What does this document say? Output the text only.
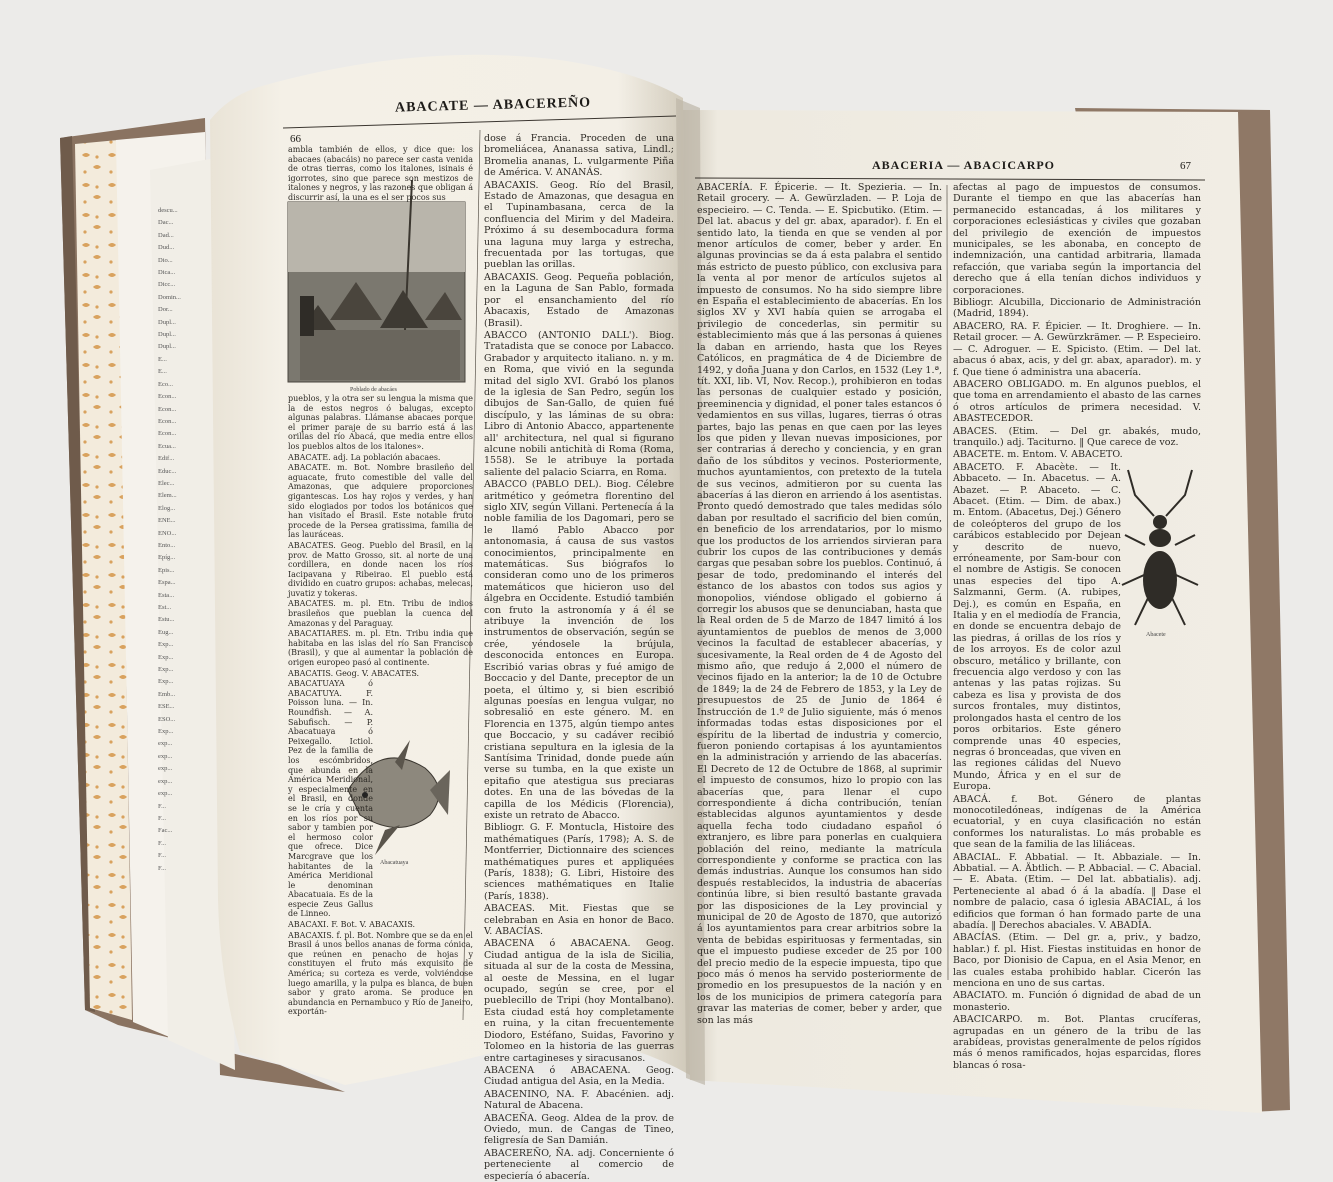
ABACATE — ABACEREÑO
66

ambla también de ellos, y dice que: los abacaes (abacáis) no parece ser casta venida de otras tierras, como los italones, isinais é igorrotes, sino que parece son mestizos de italones y negros, y las razones que obligan á discurrir así, la una es el ser pocos sus

pueblos, y la otra ser su lengua la misma que la de estos negros ó balugas, excepto algunas palabras. Llámanse abacaes porque el primer paraje de su barrio está á las orillas del río Abacá, que media entre ellos los pueblos altos de los italones».

ABACATE. adj. La población abacaes.

ABACATE. m. Bot. Nombre brasileño del aguacate, fruto comestible del valle del Amazonas, que adquiere proporciones gigantescas. Los hay rojos y verdes, y han sido elogiados por todos los botánicos que han visitado el Brasil. Este notable fruto procede de la Persea gratissima, familia de las lauráceas.

ABACATES. Geog. Pueblo del Brasil, en la prov. de Matto Grosso, sit. al norte de una cordillera, en donde nacen los ríos Iacipavana y Ribeirao. El pueblo está dividido en cuatro grupos: achabas, melecas, juvatiz y tokeras.

ABACATES. m. pl. Etn. Tribu de indios brasileños que pueblan la cuenca del Amazonas y del Paraguay.

ABACATIARES. m. pl. Etn. Tribu india que habitaba en las islas del río San Francisco (Brasil), y que al aumentar la población de origen europeo pasó al continente.

ABACATIS. Geog. V. ABACATES.

ABACATUAYA ó ABACATUYA. F. Poisson luna. — In. Roundfish. — A. Sabufisch. — P. Abacatuaya ó Peixegallo. Ictiol. Pez de la familia de los escómbridos, que abunda en la América Meridional, y especialmente en el Brasil, en donde se le cría y cuenta en los ríos por su sabor y tambien por el hermoso color que ofrece. Dice Marcgrave que los habitantes de la América Meridional le denominan Abacatuaia. Es de la especie Zeus Gallus de Linneo.

ABACAXI. F. Bot. V. ABACAXIS.

ABACAXIS. f. pl. Bot. Nombre que se da en el Brasil á unos bellos ananas de forma cónica, que reúnen en penacho de hojas y constituyen el fruto más exquisito de América; su corteza es verde, volviéndose luego amarilla, y la pulpa es blanca, de buen sabor y grato aroma. Se produce en abundancia en Pernambuco y Río de Janeiro, exportán-

Poblado de abacáes
Abacatuaya

dose á Francia. Proceden de una bromeliácea, Ananassa sativa, Lindl.; Bromelia ananas, L. vulgarmente Piña de América. V. ANANÁS.

ABACAXIS. Geog. Río del Brasil, Estado de Amazonas, que desagua en el Tupinambasana, cerca de la confluencia del Mirim y del Madeira. Próximo á su desembocadura forma una laguna muy larga y estrecha, frecuentada por las tortugas, que pueblan las orillas.

ABACAXIS. Geog. Pequeña población, en la Laguna de San Pablo, formada por el ensanchamiento del río Abacaxis, Estado de Amazonas (Brasil).

ABACCO (ANTONIO DALL'). Biog. Tratadista que se conoce por Labacco. Grabador y arquitecto italiano. n. y m. en Roma, que vivió en la segunda mitad del siglo XVI. Grabó los planos de la iglesia de San Pedro, según los dibujos de San-Gallo, de quien fué discípulo, y las láminas de su obra: Libro di Antonio Abacco, appartenente all' architectura, nel qual si figurano alcune nobili antichità di Roma (Roma, 1558). Se le atribuye la portada saliente del palacio Sciarra, en Roma.

ABACCO (PABLO DEL). Biog. Célebre aritmético y geómetra florentino del siglo XIV, según Villani. Pertenecía á la noble familia de los Dagomari, pero se le llamó Pablo Abacco por antonomasia, á causa de sus vastos conocimientos, principalmente en matemáticas. Sus biógrafos lo consideran como uno de los primeros matemáticos que hicieron uso del álgebra en Occidente. Estudió también con fruto la astronomía y á él se atribuye la invención de los instrumentos de observación, según se crée, yéndosele la brújula, desconocida entonces en Europa. Escribió varias obras y fué amigo de Boccacio y del Dante, preceptor de un poeta, el último y, si bien escribió algunas poesías en lengua vulgar, no sobresalió en este género. M. en Florencia en 1375, algún tiempo antes que Boccacio, y su cadáver recibió cristiana sepultura en la iglesia de la Santísima Trinidad, donde puede aún verse su tumba, en la que existe un epitafio que atestigua sus preciaras dotes. En una de las bóvedas de la capilla de los Médicis (Florencia), existe un retrato de Abacco.

Bibliogr. G. F. Montucla, Histoire des mathématiques (París, 1798); A. S. de Montferrier, Dictionnaire des sciences mathématiques pures et appliquées (París, 1838); G. Libri, Histoire des sciences mathématiques en Italie (París, 1838).

ABACEAS. Mit. Fiestas que se celebraban en Asia en honor de Baco. V. ABACÍAS.

ABACENA ó ABACAENA. Geog. Ciudad antigua de la isla de Sicilia, situada al sur de la costa de Messina, al oeste de Messina, en el lugar ocupado, según se cree, por el pueblecillo de Tripi (hoy Montalbano). Esta ciudad está hoy completamente en ruina, y la citan frecuentemente Diodoro, Estéfano, Suidas, Favorino y Tolomeo en la historia de las guerras entre cartagineses y siracusanos.

ABACENA ó ABACAENA. Geog. Ciudad antigua del Asia, en la Media.

ABACENINO, NA. F. Abacénien. adj. Natural de Abacena.

ABACEÑA. Geog. Aldea de la prov. de Oviedo, mun. de Cangas de Tineo, feligresía de San Damián.

ABACEREÑO, ÑA. adj. Concerniente ó perteneciente al comercio de especiería ó abacería.

descu...
Dac...
Dad...
Dud...
Dio...
Dica...
Dicc...
Domin...
Dor...
Dupl...
Dupl...
Dupl...
E...
E...
Eco...
Econ...
Econ...
Econ...
Econ...
Ecua...
Edif...
Educ...
Elec...
Elem...
Elog...
ENE...
ENO...
Ento...
Epíg...
Epis...
Espa...
Esta...
Est...
Estu...
Eug...
Exp...
Exp...
Exp...
Exp...
Emb...
ESE...
ESO...
Exp...
exp...
exp...
exp...
exp...
exp...
F...
F...
Fac...
F...
F...
F...
ABACERIA — ABACICARPO	67

ABACERÍA. F. Épicerie. — It. Spezieria. — In. Retail grocery. — A. Gewürzladen. — P. Loja de especieiro. — C. Tenda. — E. Spicbutiko. (Etim. — Del lat. abacus y del gr. abax, aparador). f. En el sentido lato, la tienda en que se venden al por menor artículos de comer, beber y arder. En algunas provincias se da á esta palabra el sentido más estricto de puesto público, con exclusiva para la venta al por menor de artículos sujetos al impuesto de consumos. No ha sido siempre libre en España el establecimiento de abacerías. En los siglos XV y XVI había quien se arrogaba el privilegio de concederlas, sin permitir su establecimiento más que á las personas á quienes la daban en arriendo, hasta que los Reyes Católicos, en pragmática de 4 de Diciembre de 1492, y doña Juana y don Carlos, en 1532 (Ley 1.ª, tít. XXI, lib. VI, Nov. Recop.), prohibieron en todas las personas de cualquier estado y posición, preeminencia y dignidad, el poner tales estancos ó vedamientos en sus villas, lugares, tierras ó otras partes, bajo las penas en que caen por las leyes los que piden y llevan nuevas imposiciones, por ser contrarias á derecho y conciencia, y en gran daño de los súbditos y vecinos. Posteriormente, muchos ayuntamientos, con pretexto de la tutela de sus vecinos, admitieron por su cuenta las abacerías á las dieron en arriendo á los asentistas. Pronto quedó demostrado que tales medidas sólo daban por resultado el sacrificio del bien común, en beneficio de los arrendatarios, por lo mismo que los productos de los arriendos sirvieran para cubrir los cupos de las contribuciones y demás cargas que pesaban sobre los pueblos. Continuó, á pesar de todo, predominando el interés del estanco de los abastos con todos sus agios y monopolios, viéndose obligado el gobierno á corregir los abusos que se denunciaban, hasta que la Real orden de 5 de Marzo de 1847 limitó á los ayuntamientos de pueblos de menos de 3,000 vecinos la facultad de establecer abacerías, y sucesivamente, la Real orden de 4 de Agosto del mismo año, que redujo á 2,000 el número de vecinos fijado en la anterior; la de 10 de Octubre de 1849; la de 24 de Febrero de 1853, y la Ley de presupuestos de 25 de Junio de 1864 é Instrucción de 1.º de Julio siguiente, más ó menos informadas todas estas disposiciones por el espíritu de la libertad de industria y comercio, fueron poniendo cortapisas á los ayuntamientos en la administración y arriendo de las abacerías. El Decreto de 12 de Octubre de 1868, al suprimir el impuesto de consumos, hizo lo propio con las abacerías que, para llenar el cupo correspondiente á dicha contribución, tenían establecidas algunos ayuntamientos y desde aquella fecha todo ciudadano español ó extranjero, es libre para ponerlas en cualquiera población del reino, mediante la matrícula correspondiente y conforme se practica con las demás industrias. Aunque los consumos han sido después restablecidos, la industria de abacerías continúa libre, si bien resultó bastante gravada por las disposiciones de la Ley provincial y municipal de 20 de Agosto de 1870, que autorizó á los ayuntamientos para crear arbitrios sobre la venta de bebidas espirituosas y fermentadas, sin que el impuesto pudiese exceder de 25 por 100 del precio medio de la especie impuesta, tipo que poco más ó menos ha servido posteriormente de promedio en los presupuestos de la nación y en los de los municipios de primera categoría para gravar las materias de comer, beber y arder, que son las más

afectas al pago de impuestos de consumos. Durante el tiempo en que las abacerías han permanecido estancadas, á los militares y corporaciones eclesiásticas y civiles que gozaban del privilegio de exención de impuestos municipales, se les abonaba, en concepto de indemnización, una cantidad arbitraria, llamada refacción, que variaba según la importancia del derecho que á ella tenían dichos individuos y corporaciones.

Bibliogr. Alcubilla, Diccionario de Administración (Madrid, 1894).

ABACERO, RA. F. Épicier. — It. Droghiere. — In. Retail grocer. — A. Gewürzkrämer. — P. Especieiro. — C. Adroguer. — E. Spicisto. (Etim. — Del lat. abacus ó abax, acis, y del gr. abax, aparador). m. y f. Que tiene ó administra una abacería.

ABACERO OBLIGADO. m. En algunos pueblos, el que toma en arrendamiento el abasto de las carnes ó otros artículos de primera necesidad. V. ABASTECEDOR.

ABACES. (Etim. — Del gr. abakés, mudo, tranquilo.) adj. Taciturno. ‖ Que carece de voz.

ABACETE. m. Entom. V. ABACETO.

ABACETO. F. Abacète. — It. Abbaceto. — In. Abacetus. — A. Abazet. — P. Abaceto. — C. Abacet. (Etim. — Dim. de abax.) m. Entom. (Abacetus, Dej.) Género de coleópteros del grupo de los carábicos establecido por Dejean y descrito de nuevo, erróneamente, por Sam-bour con el nombre de Astigis. Se conocen unas especies del tipo A. Salzmanni, Germ. (A. rubipes, Dej.), es común en España, en Italia y en el mediodía de Francia, en donde se encuentra debajo de las piedras, á orillas de los ríos y de los arroyos. Es de color azul obscuro, metálico y brillante, con frecuencia algo verdoso y con las antenas y las patas rojizas. Su cabeza es lisa y provista de dos surcos frontales, muy distintos, prolongados hasta el centro de los poros orbitarios. Este género comprende unas 40 especies, negras ó bronceadas, que viven en las regiones cálidas del Nuevo Mundo, África y en el sur de Europa.

ABACÁ. f. Bot. Género de plantas monocotiledóneas, indígenas de la América ecuatorial, y en cuya clasificación no están conformes los naturalistas. Lo más probable es que sean de la familia de las liliáceas.

ABACIAL. F. Abbatial. — It. Abbaziale. — In. Abbatial. — A. Äbtlich. — P. Abbacial. — C. Abacial. — E. Abata. (Etim. — Del lat. abbatialis). adj. Perteneciente al abad ó á la abadía. ‖ Dase el nombre de palacio, casa ó iglesia ABACIAL, á los edificios que forman ó han formado parte de una abadía. ‖ Derechos abaciales. V. ABADÍA.

ABACÍAS. (Etim. — Del gr. a, priv., y badzo, hablar.) f. pl. Hist. Fiestas instituidas en honor de Baco, por Dionisio de Capua, en el Asia Menor, en las cuales estaba prohibido hablar. Cicerón las menciona en uno de sus cartas.

ABACIATO. m. Función ó dignidad de abad de un monasterio.

ABACICARPO. m. Bot. Plantas crucíferas, agrupadas en un género de la tribu de las arabídeas, provistas generalmente de pelos rígidos más ó menos ramificados, hojas esparcidas, flores blancas ó rosa-

Abacete
